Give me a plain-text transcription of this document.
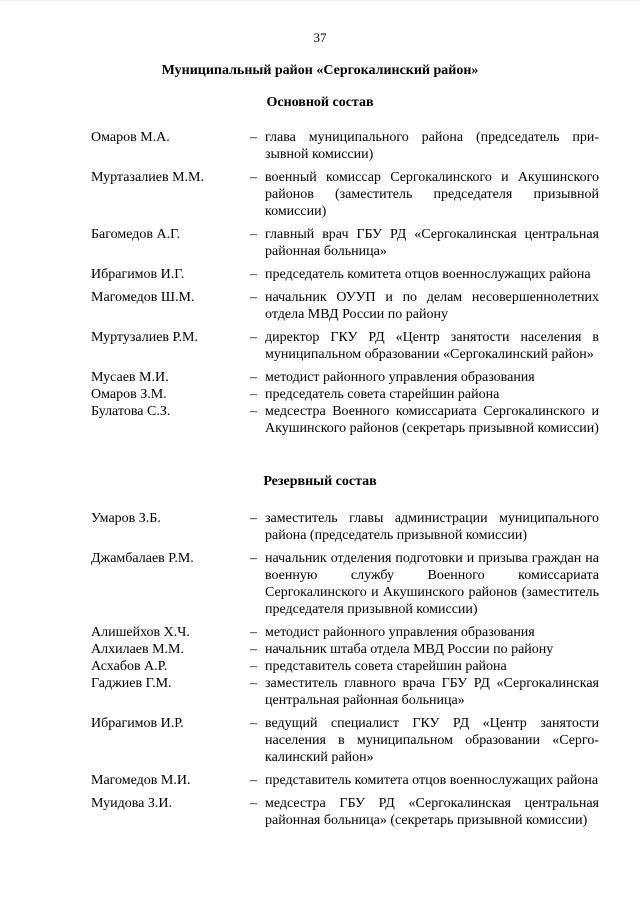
37
Муниципальный район «Сергокалинский район»
Основной состав
Омаров М.А.	– глава муниципального района (председатель призывной комиссии)
Муртазалиев М.М.	– военный комиссар Сергокалинского и Акушинского районов (заместитель председателя призывной комиссии)
Багомедов А.Г.	– главный врач ГБУ РД «Сергокалинская центральная районная больница»
Ибрагимов И.Г.	– председатель комитета отцов военнослужащих района
Магомедов Ш.М.	– начальник ОУУП и по делам несовершеннолетних отдела МВД России по району
Муртузалиев Р.М.	– директор ГКУ РД «Центр занятости населения в муниципальном образовании «Сергокалинский район»
Мусаев М.И.	– методист районного управления образования
Омаров З.М.	– председатель совета старейшин района
Булатова С.З.	– медсестра Военного комиссариата Сергокалинского и Акушинского районов (секретарь призывной комиссии)
Резервный состав
Умаров З.Б.	– заместитель главы администрации муниципального района (председатель призывной комиссии)
Джамбалаев Р.М.	– начальник отделения подготовки и призыва граждан на военную службу Военного комиссариата Сергокалинского и Акушинского районов (заместитель председателя призывной комиссии)
Алишейхов Х.Ч.	– методист районного управления образования
Алхилаев М.М.	– начальник штаба отдела МВД России по району
Асхабов А.Р.	– представитель совета старейшин района
Гаджиев Г.М.	– заместитель главного врача ГБУ РД «Сергокалинская центральная районная больница»
Ибрагимов И.Р.	– ведущий специалист ГКУ РД «Центр занятости населения в муниципальном образовании «Сергокалинский район»
Магомедов М.И.	– представитель комитета отцов военнослужащих района
Муидова З.И.	– медсестра ГБУ РД «Сергокалинская центральная районная больница» (секретарь призывной комиссии)
